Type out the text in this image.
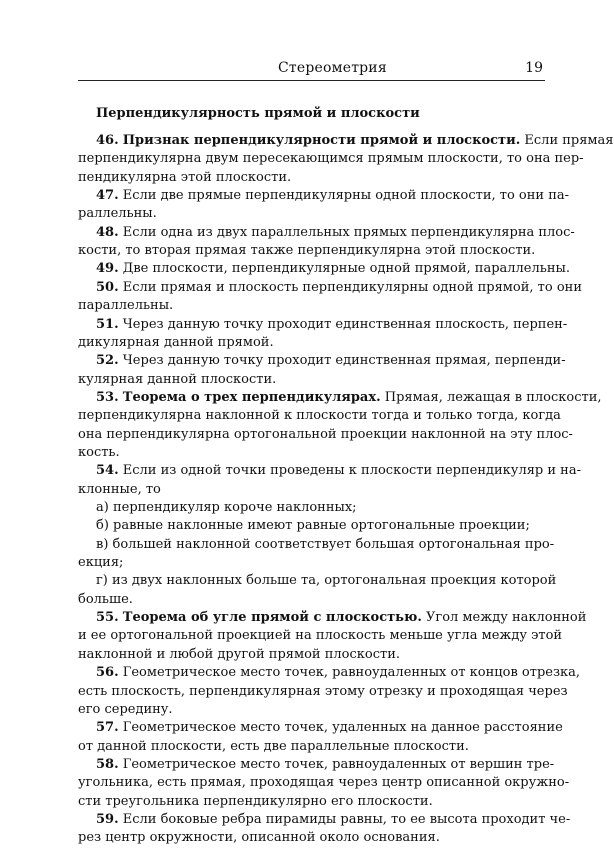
Стереометрия	19
Перпендикулярность прямой и плоскости
46. Признак перпендикулярности прямой и плоскости. Если прямая
перпендикулярна двум пересекающимся прямым плоскости, то она пер-
пендикулярна этой плоскости.
47. Если две прямые перпендикулярны одной плоскости, то они па-
раллельны.
48. Если одна из двух параллельных прямых перпендикулярна плос-
кости, то вторая прямая также перпендикулярна этой плоскости.
49. Две плоскости, перпендикулярные одной прямой, параллельны.
50. Если прямая и плоскость перпендикулярны одной прямой, то они
параллельны.
51. Через данную точку проходит единственная плоскость, перпен-
дикулярная данной прямой.
52. Через данную точку проходит единственная прямая, перпенди-
кулярная данной плоскости.
53. Теорема о трех перпендикулярах. Прямая, лежащая в плоскости,
перпендикулярна наклонной к плоскости тогда и только тогда, когда
она перпендикулярна ортогональной проекции наклонной на эту плос-
кость.
54. Если из одной точки проведены к плоскости перпендикуляр и на-
клонные, то
а) перпендикуляр короче наклонных;
б) равные наклонные имеют равные ортогональные проекции;
в) большей наклонной соответствует большая ортогональная про-
екция;
г) из двух наклонных больше та, ортогональная проекция которой
больше.
55. Теорема об угле прямой с плоскостью. Угол между наклонной
и ее ортогональной проекцией на плоскость меньше угла между этой
наклонной и любой другой прямой плоскости.
56. Геометрическое место точек, равноудаленных от концов отрезка,
есть плоскость, перпендикулярная этому отрезку и проходящая через
его середину.
57. Геометрическое место точек, удаленных на данное расстояние
от данной плоскости, есть две параллельные плоскости.
58. Геометрическое место точек, равноудаленных от вершин тре-
угольника, есть прямая, проходящая через центр описанной окружно-
сти треугольника перпендикулярно его плоскости.
59. Если боковые ребра пирамиды равны, то ее высота проходит че-
рез центр окружности, описанной около основания.
